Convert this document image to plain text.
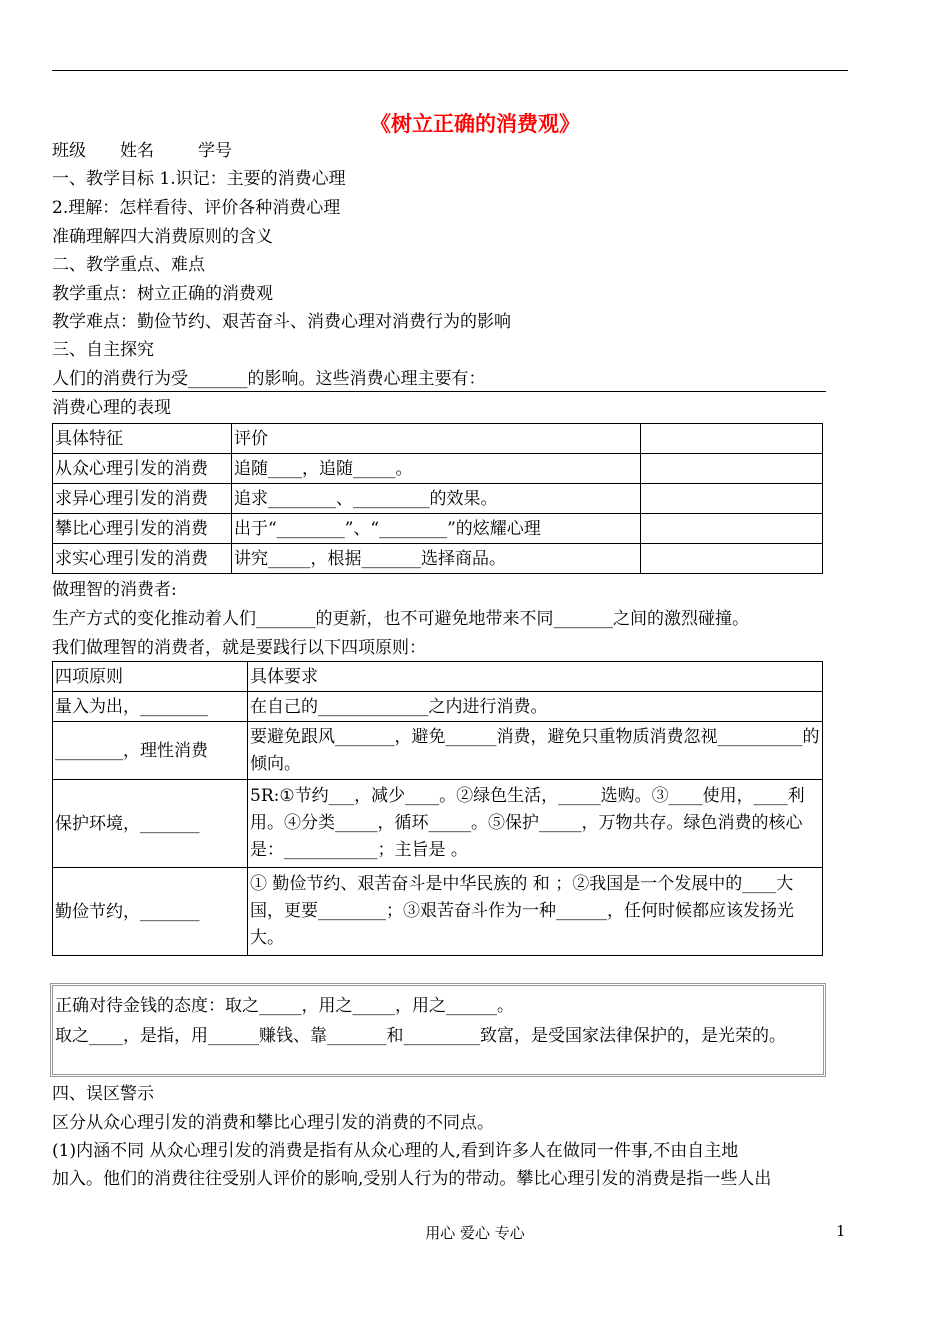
《树立正确的消费观》
班级 姓名	学号
一、教学目标 1.识记：主要的消费心理
2.理解：怎样看待、评价各种消费心理
准确理解四大消费原则的含义
二、教学重点、难点
教学重点：树立正确的消费观
教学难点：勤俭节约、艰苦奋斗、消费心理对消费行为的影响
三、自主探究
人们的消费行为受_______的影响。这些消费心理主要有：
消费心理的表现
具体特征	评价	
从众心理引发的消费	追随____，追随_____。	
求异心理引发的消费	追求________、_________的效果。	
攀比心理引发的消费	出于“________”、“________”的炫耀心理	
求实心理引发的消费	讲究_____，根据_______选择商品。	
做理智的消费者:
生产方式的变化推动着人们_______的更新，也不可避免地带来不同_______之间的激烈碰撞。
我们做理智的消费者，就是要践行以下四项原则：
四项原则	具体要求
量入为出，________	在自己的_____________之内进行消费。
________，理性消费	要避免跟风_______，避免______消费，避免只重物质消费忽视__________的倾向。
保护环境，_______	5R:①节约___，减少____。②绿色生活，_____选购。③____使用，____利用。④分类_____，循环_____。⑤保护_____，万物共存。绿色消费的核心是：___________；主旨是 。
勤俭节约，_______	① 勤俭节约、艰苦奋斗是中华民族的 和 ；②我国是一个发展中的____大国，更要________；③艰苦奋斗作为一种______，任何时候都应该发扬光大。
正确对待金钱的态度：取之_____，用之_____，用之______。
取之____，是指，用______赚钱、靠_______和_________致富，是受国家法律保护的，是光荣的。
四、误区警示
区分从众心理引发的消费和攀比心理引发的消费的不同点。
(1)内涵不同 从众心理引发的消费是指有从众心理的人,看到许多人在做同一件事,不由自主地
加入。他们的消费往往受别人评价的影响,受别人行为的带动。攀比心理引发的消费是指一些人出
用心 爱心 专心	1
